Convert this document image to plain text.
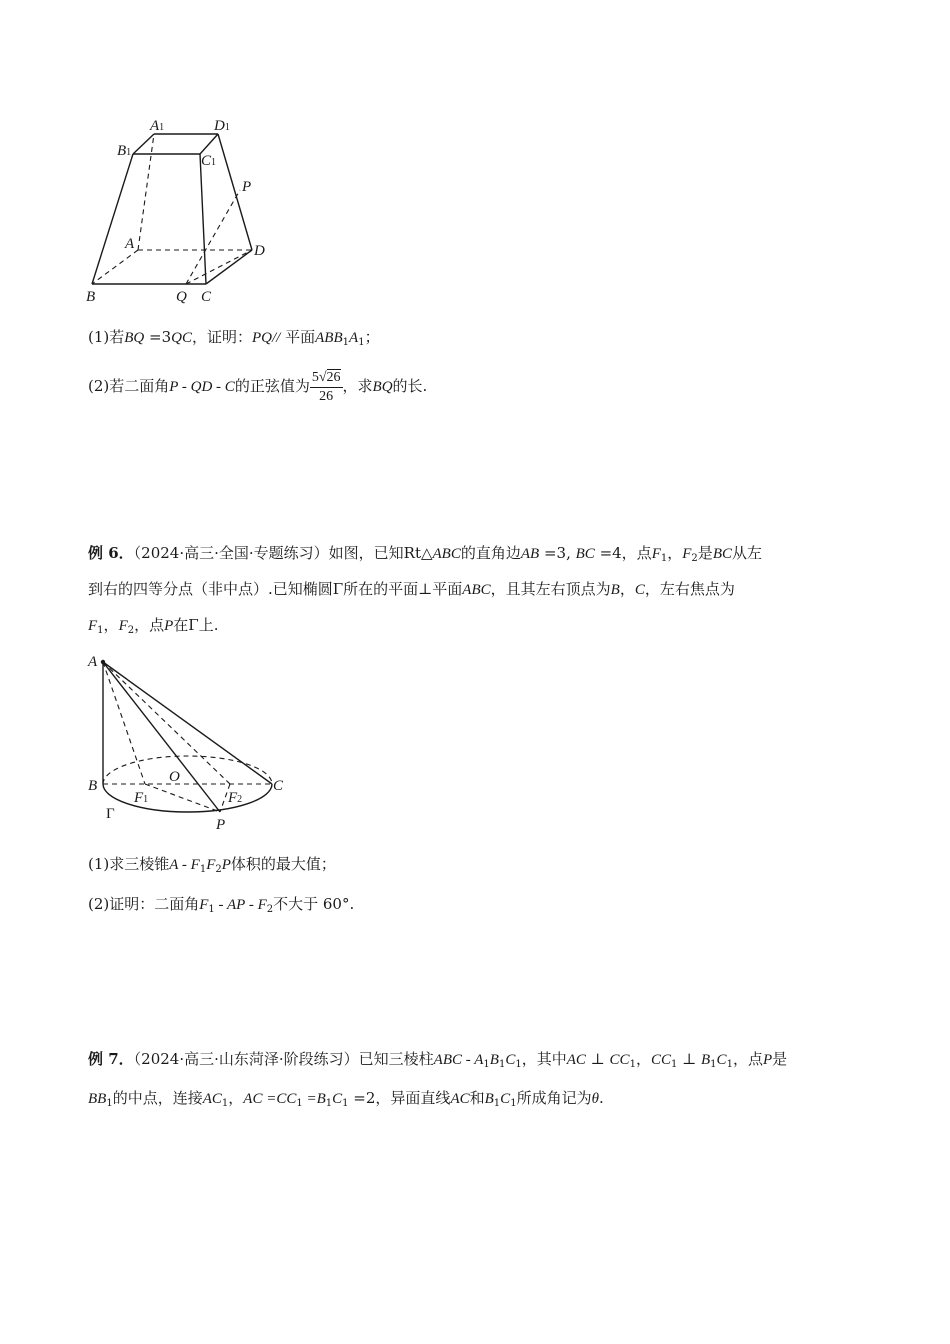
A1	D1
B1
C1
P
A	D
B	Q C
(1)若BQ =3QC，证明：PQ// 平面$ABB_1A_1$；
(2)若二面角P - QD - C的正弦值为 $\frac{5√26}{26}$ ，求BQ的长.
例 6．（2024·高三·全国·专题练习）如图，已知Rt△ABC的直角边AB =3, BC =4，点$F_1$，$F_2$是BC从左
到右的四等分点（非中点）.已知椭圆Γ所在的平面⊥平面ABC，且其左右顶点为B，C，左右焦点为
$F_1$，$F_2$，点P在Γ上.
A
B	C
O
F1	F2
P
Γ
(1)求三棱锥A - $F_1F_2P$体积的最大值；
(2)证明：二面角$F_1$ - AP - $F_2$不大于 60°.
例 7．（2024·高三·山东菏泽·阶段练习）已知三棱柱ABC - $A_1B_1C_1$，其中AC ⊥ $CC_1$，$CC_1$ ⊥ $B_1C_1$，点P是
$BB_1$的中点，连接$AC_1$，AC $=CC_1 =B_1C_1 =2$，异面直线AC和$B_1C_1$所成角记为θ.
